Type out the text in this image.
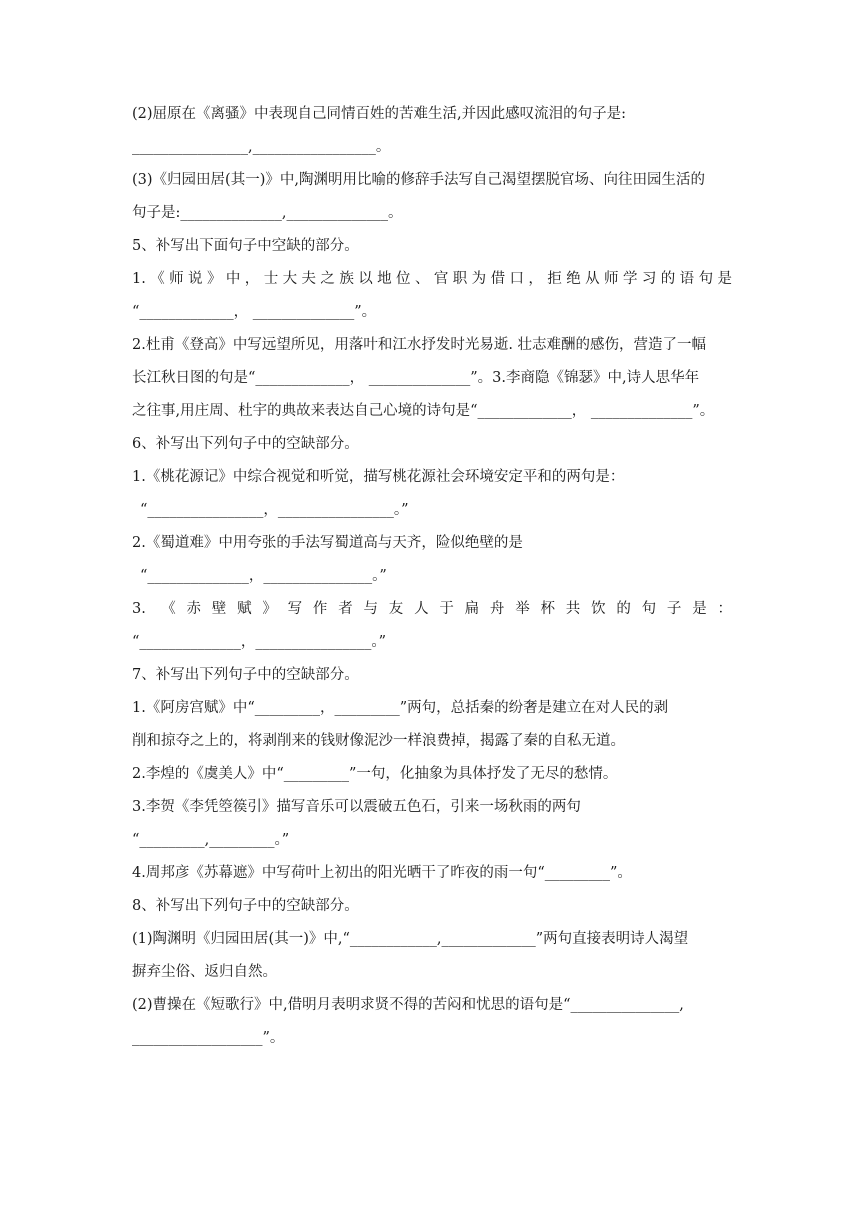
(2)屈原在《离骚》中表现自己同情百姓的苦难生活,并因此感叹流泪的句子是:
________________,_________________。
(3)《归园田居(其一)》中,陶渊明用比喻的修辞手法写自己渴望摆脱官场、向往田园生活的
句子是:______________,______________。
5、补写出下面句子中空缺的部分。
1.《师说》中，士大夫之族以地位、官职为借口，拒绝从师学习的语句是
“_____________， ______________”。
2.杜甫《登高》中写远望所见，用落叶和江水抒发时光易逝. 壮志难酬的感伤，营造了一幅
长江秋日图的句是“_____________， ______________”。3.李商隐《锦瑟》中,诗人思华年
之往事,用庄周、杜宇的典故来表达自己心境的诗句是“_____________， ______________”。
6、补写出下列句子中的空缺部分。
1.《桃花源记》中综合视觉和听觉，描写桃花源社会环境安定平和的两句是：
“________________，________________。”
2.《蜀道难》中用夸张的手法写蜀道高与天齐，险似绝壁的是
“______________，_______________。”
3. 《赤壁赋》写作者与友人于扁舟举杯共饮的句子是：
“______________，________________。”
7、补写出下列句子中的空缺部分。
1.《阿房宫赋》中“_________，_________”两句，总括秦的纷奢是建立在对人民的剥
削和掠夺之上的，将剥削来的钱财像泥沙一样浪费掉，揭露了秦的自私无道。
2.李煌的《虞美人》中“_________”一句，化抽象为具体抒发了无尽的愁情。
3.李贺《李凭箜篌引》描写音乐可以震破五色石，引来一场秋雨的两句
“_________,_________。”
4.周邦彦《苏幕遮》中写荷叶上初出的阳光晒干了昨夜的雨一句“_________”。
8、补写出下列句子中的空缺部分。
(1)陶渊明《归园田居(其一)》中,“____________,_____________”两句直接表明诗人渴望
摒弃尘俗、返归自然。
(2)曹操在《短歌行》中,借明月表明求贤不得的苦闷和忧思的语句是“_______________,
__________________”。
